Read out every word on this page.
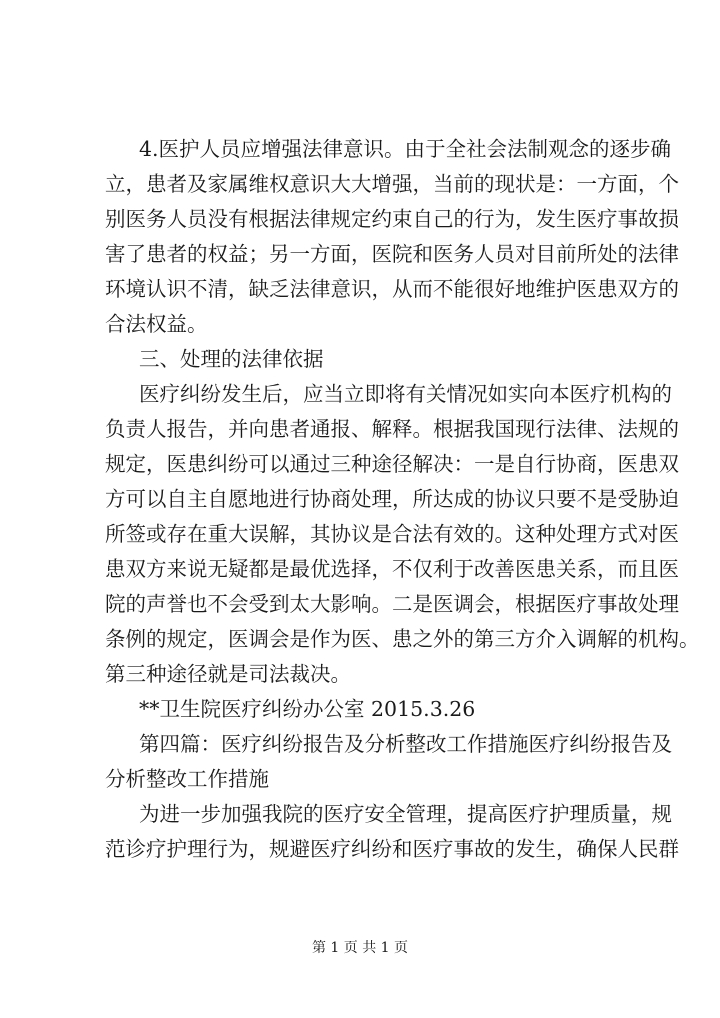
4.医护人员应增强法律意识。由于全社会法制观念的逐步确

立，患者及家属维权意识大大增强，当前的现状是：一方面，个

别医务人员没有根据法律规定约束自己的行为，发生医疗事故损

害了患者的权益；另一方面，医院和医务人员对目前所处的法律

环境认识不清，缺乏法律意识，从而不能很好地维护医患双方的

合法权益。

三、处理的法律依据

医疗纠纷发生后，应当立即将有关情况如实向本医疗机构的

负责人报告，并向患者通报、解释。根据我国现行法律、法规的

规定，医患纠纷可以通过三种途径解决：一是自行协商，医患双

方可以自主自愿地进行协商处理，所达成的协议只要不是受胁迫

所签或存在重大误解，其协议是合法有效的。这种处理方式对医

患双方来说无疑都是最优选择，不仅利于改善医患关系，而且医

院的声誉也不会受到太大影响。二是医调会，根据医疗事故处理

条例的规定，医调会是作为医、患之外的第三方介入调解的机构。

第三种途径就是司法裁决。

**卫生院医疗纠纷办公室 2015.3.26

第四篇：医疗纠纷报告及分析整改工作措施医疗纠纷报告及

分析整改工作措施

为进一步加强我院的医疗安全管理，提高医疗护理质量，规

范诊疗护理行为，规避医疗纠纷和医疗事故的发生，确保人民群

第 1 页 共 1 页
